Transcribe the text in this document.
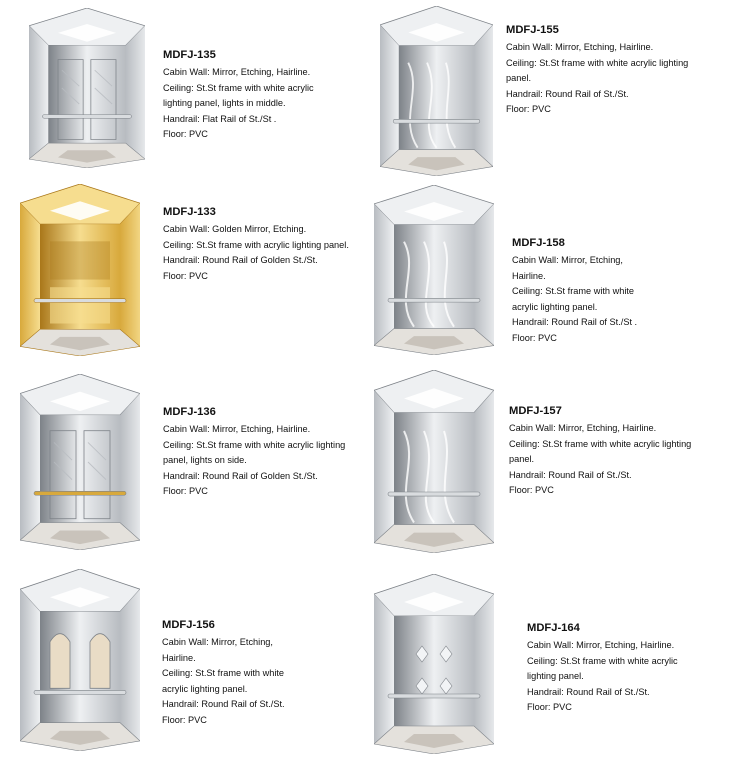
MDFJ-135
Cabin Wall: Mirror, Etching, Hairline.
Ceiling: St.St frame with white acrylic
lighting panel, lights in middle.
Handrail: Flat Rail of St./St .
Floor: PVC
MDFJ-155
Cabin Wall: Mirror, Etching, Hairline.
Ceiling: St.St frame with white acrylic lighting
panel.
Handrail: Round Rail of St./St.
Floor: PVC
MDFJ-133
Cabin Wall: Golden Mirror, Etching.
Ceiling: St.St frame with acrylic lighting panel.
Handrail: Round Rail of Golden St./St.
Floor: PVC
MDFJ-158
Cabin Wall: Mirror, Etching,
Hairline.
Ceiling: St.St frame with white
acrylic lighting panel.
Handrail: Round Rail of St./St .
Floor: PVC
MDFJ-136
Cabin Wall: Mirror, Etching, Hairline.
Ceiling: St.St frame with white acrylic lighting
panel, lights on side.
Handrail: Round Rail of Golden St./St.
Floor: PVC
MDFJ-157
Cabin Wall: Mirror, Etching, Hairline.
Ceiling: St.St frame with white acrylic lighting
panel.
Handrail: Round Rail of St./St.
Floor: PVC
MDFJ-156
Cabin Wall: Mirror, Etching,
Hairline.
Ceiling: St.St frame with white
acrylic lighting panel.
Handrail: Round Rail of St./St.
Floor: PVC
MDFJ-164
Cabin Wall: Mirror, Etching, Hairline.
Ceiling: St.St frame with white acrylic
lighting panel.
Handrail: Round Rail of St./St.
Floor: PVC
